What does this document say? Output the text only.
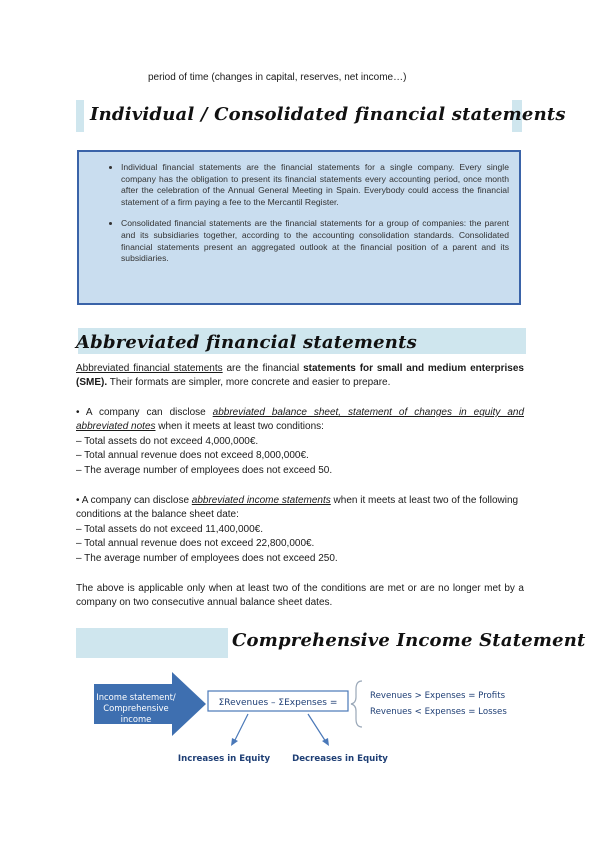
period of time (changes in capital, reserves, net income…)
Individual / Consolidated financial statements
• Individual financial statements are the financial statements for a single company. Every single company has the obligation to present its financial statements every accounting period, once month after the celebration of the Annual General Meeting in Spain. Everybody could access the financial statement of a firm paying a fee to the Mercantil Register.
• Consolidated financial statements are the financial statements for a group of companies: the parent and its subsidiaries together, according to the accounting consolidation standards. Consolidated financial statements present an aggregated outlook at the financial position of a parent and its subsidiaries.
Abbreviated financial statements
Abbreviated financial statements are the financial statements for small and medium enterprises (SME). Their formats are simpler, more concrete and easier to prepare.
• A company can disclose abbreviated balance sheet, statement of changes in equity and abbreviated notes when it meets at least two conditions:
– Total assets do not exceed 4,000,000€.
– Total annual revenue does not exceed 8,000,000€.
– The average number of employees does not exceed 50.
• A company can disclose abbreviated income statements when it meets at least two of the following conditions at the balance sheet date:
– Total assets do not exceed 11,400,000€.
– Total annual revenue does not exceed 22,800,000€.
– The average number of employees does not exceed 250.
The above is applicable only when at least two of the conditions are met or are no longer met by a company on two consecutive annual balance sheet dates.
Comprehensive Income Statement
Income statement/
Comprehensive
income
ΣRevenues – ΣExpenses =
Revenues > Expenses = Profits
Revenues < Expenses = Losses
Increases in Equity	Decreases in Equity
